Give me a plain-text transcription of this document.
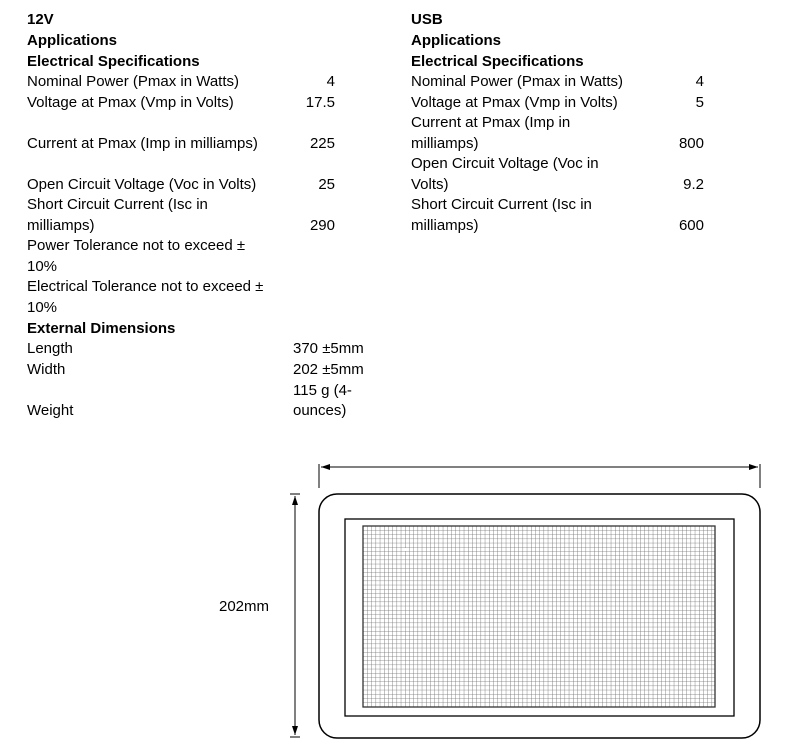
12V
Applications
Electrical Specifications
Nominal Power (Pmax in Watts)	4
Voltage at Pmax (Vmp in Volts)	17.5
Current at Pmax (Imp in milliamps)	225
Open Circuit Voltage (Voc in Volts)	25
Short Circuit Current (Isc in
milliamps)	290
Power Tolerance not to exceed ±
10%
Electrical Tolerance not to exceed ±
10%
External Dimensions
Length	370 ±5mm
Width	202 ±5mm
115 g (4-
Weight	ounces)
USB
Applications
Electrical Specifications
Nominal Power (Pmax in Watts)	4
Voltage at Pmax (Vmp in Volts)	5
Current at Pmax (Imp in
milliamps)	800
Open Circuit Voltage (Voc in
Volts)	9.2
Short Circuit Current (Isc in
milliamps)	600
202mm
